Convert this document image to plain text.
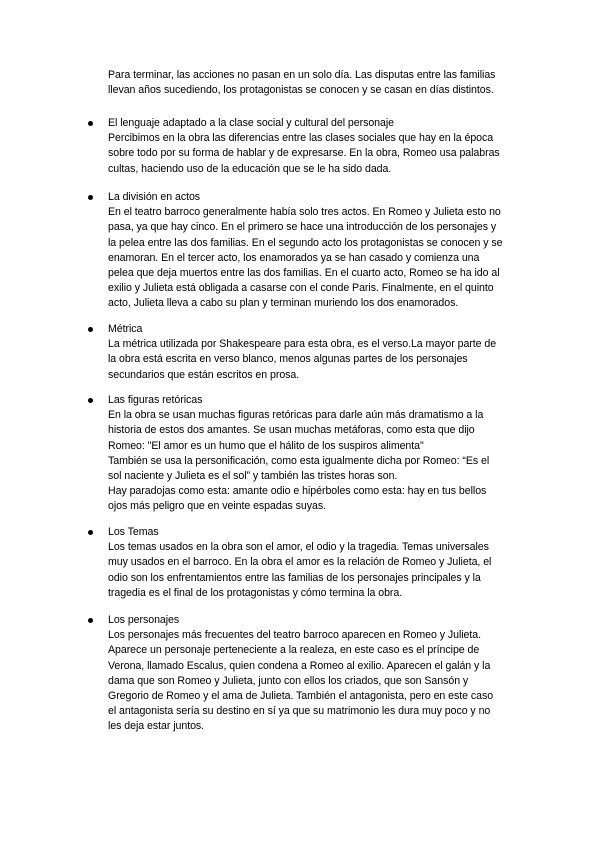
Para terminar, las acciones no pasan en un solo día. Las disputas entre las familias
llevan años sucediendo, los protagonistas se conocen y se casan en días distintos.
El lenguaje adaptado a la clase social y cultural del personaje
Percibimos en la obra las diferencias entre las clases sociales que hay en la época
sobre todo por su forma de hablar y de expresarse. En la obra, Romeo usa palabras
cultas, haciendo uso de la educación que se le ha sido dada.
La división en actos
En el teatro barroco generalmente había solo tres actos. En Romeo y Julieta esto no
pasa, ya que hay cinco. En el primero se hace una introducción de los personajes y
la pelea entre las dos familias. En el segundo acto los protagonistas se conocen y se
enamoran. En el tercer acto, los enamorados ya se han casado y comienza una
pelea que deja muertos entre las dos familias. En el cuarto acto, Romeo se ha ido al
exilio y Julieta está obligada a casarse con el conde Paris. Finalmente, en el quinto
acto, Julieta lleva a cabo su plan y terminan muriendo los dos enamorados.
Métrica
La métrica utilizada por Shakespeare para esta obra, es el verso.La mayor parte de
la obra está escrita en verso blanco, menos algunas partes de los personajes
secundarios que están escritos en prosa.
Las figuras retóricas
En la obra se usan muchas figuras retóricas para darle aún más dramatismo a la
historia de estos dos amantes. Se usan muchas metáforas, como esta que dijo
Romeo: "El amor es un humo que el hálito de los suspiros alimenta"
También se usa la personificación, como esta igualmente dicha por Romeo: “Es el
sol naciente y Julieta es el sol” y también las tristes horas son.
Hay paradojas como esta: amante odio e hipérboles como esta: hay en tus bellos
ojos más peligro que en veinte espadas suyas.
Los Temas
Los temas usados en la obra son el amor, el odio y la tragedia. Temas universales
muy usados en el barroco. En la obra el amor es la relación de Romeo y Julieta, el
odio son los enfrentamientos entre las familias de los personajes principales y la
tragedia es el final de los protagonistas y cómo termina la obra.
Los personajes
Los personajes más frecuentes del teatro barroco aparecen en Romeo y Julieta.
Aparece un personaje perteneciente a la realeza, en este caso es el príncipe de
Verona, llamado Escalus, quien condena a Romeo al exilio. Aparecen el galán y la
dama que son Romeo y Julieta, junto con ellos los criados, que son Sansón y
Gregorio de Romeo y el ama de Julieta. También el antagonista, pero en este caso
el antagonista sería su destino en sí ya que su matrimonio les dura muy poco y no
les deja estar juntos.
